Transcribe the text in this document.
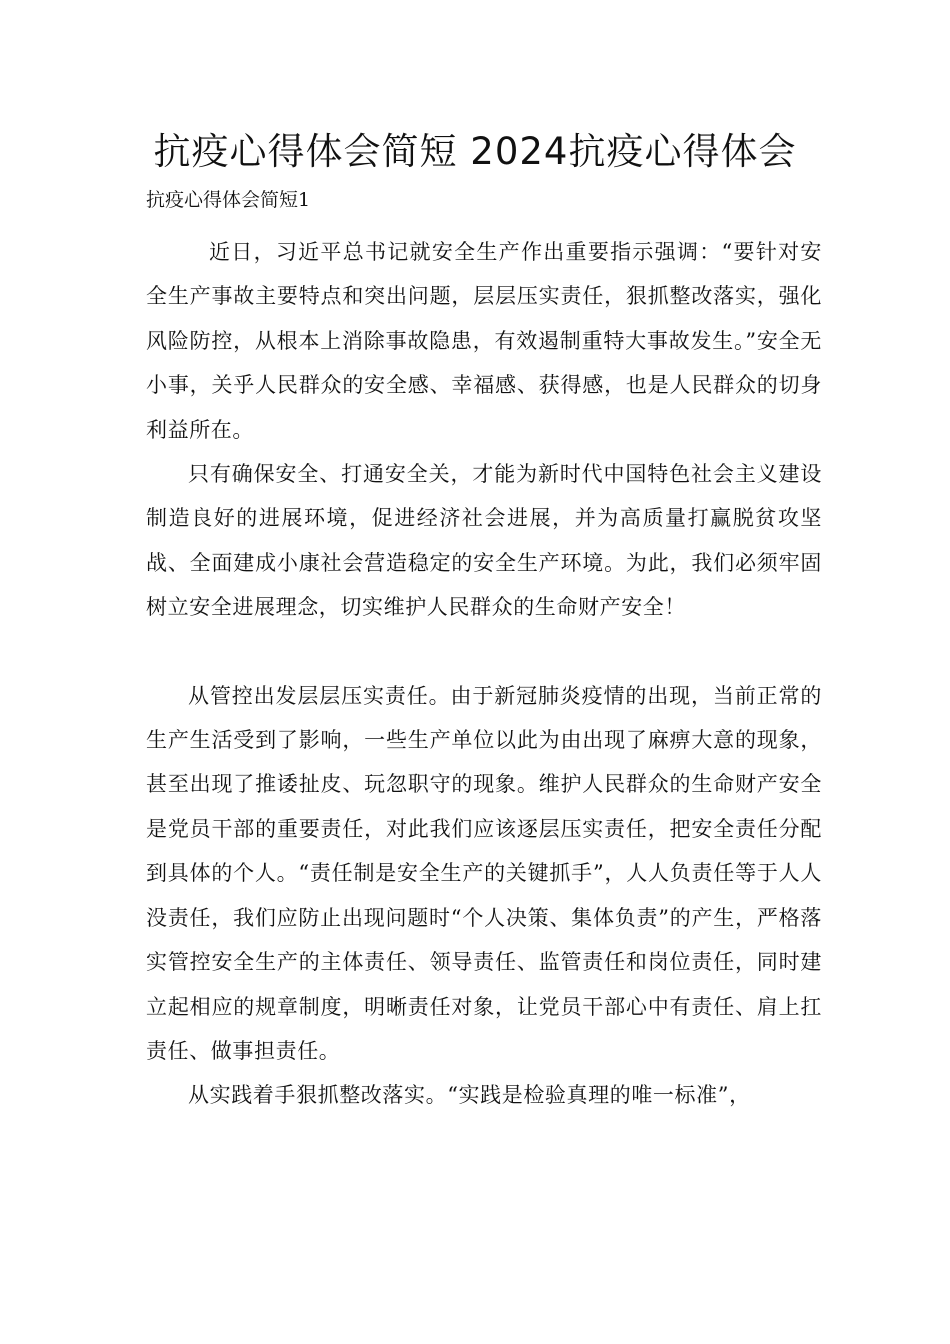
抗疫心得体会简短 2024抗疫心得体会

抗疫心得体会简短1

近日，习近平总书记就安全生产作出重要指示强调：“要针对安全生产事故主要特点和突出问题，层层压实责任，狠抓整改落实，强化风险防控，从根本上消除事故隐患，有效遏制重特大事故发生。”安全无小事，关乎人民群众的安全感、幸福感、获得感，也是人民群众的切身利益所在。

只有确保安全、打通安全关，才能为新时代中国特色社会主义建设制造良好的进展环境，促进经济社会进展，并为高质量打赢脱贫攻坚战、全面建成小康社会营造稳定的安全生产环境。为此，我们必须牢固树立安全进展理念，切实维护人民群众的生命财产安全！

从管控出发层层压实责任。由于新冠肺炎疫情的出现，当前正常的生产生活受到了影响，一些生产单位以此为由出现了麻痹大意的现象，甚至出现了推诿扯皮、玩忽职守的现象。维护人民群众的生命财产安全是党员干部的重要责任，对此我们应该逐层压实责任，把安全责任分配到具体的个人。“责任制是安全生产的关键抓手”，人人负责任等于人人没责任，我们应防止出现问题时“个人决策、集体负责”的产生，严格落实管控安全生产的主体责任、领导责任、监管责任和岗位责任，同时建立起相应的规章制度，明晰责任对象，让党员干部心中有责任、肩上扛责任、做事担责任。

从实践着手狠抓整改落实。“实践是检验真理的唯一标准”，
